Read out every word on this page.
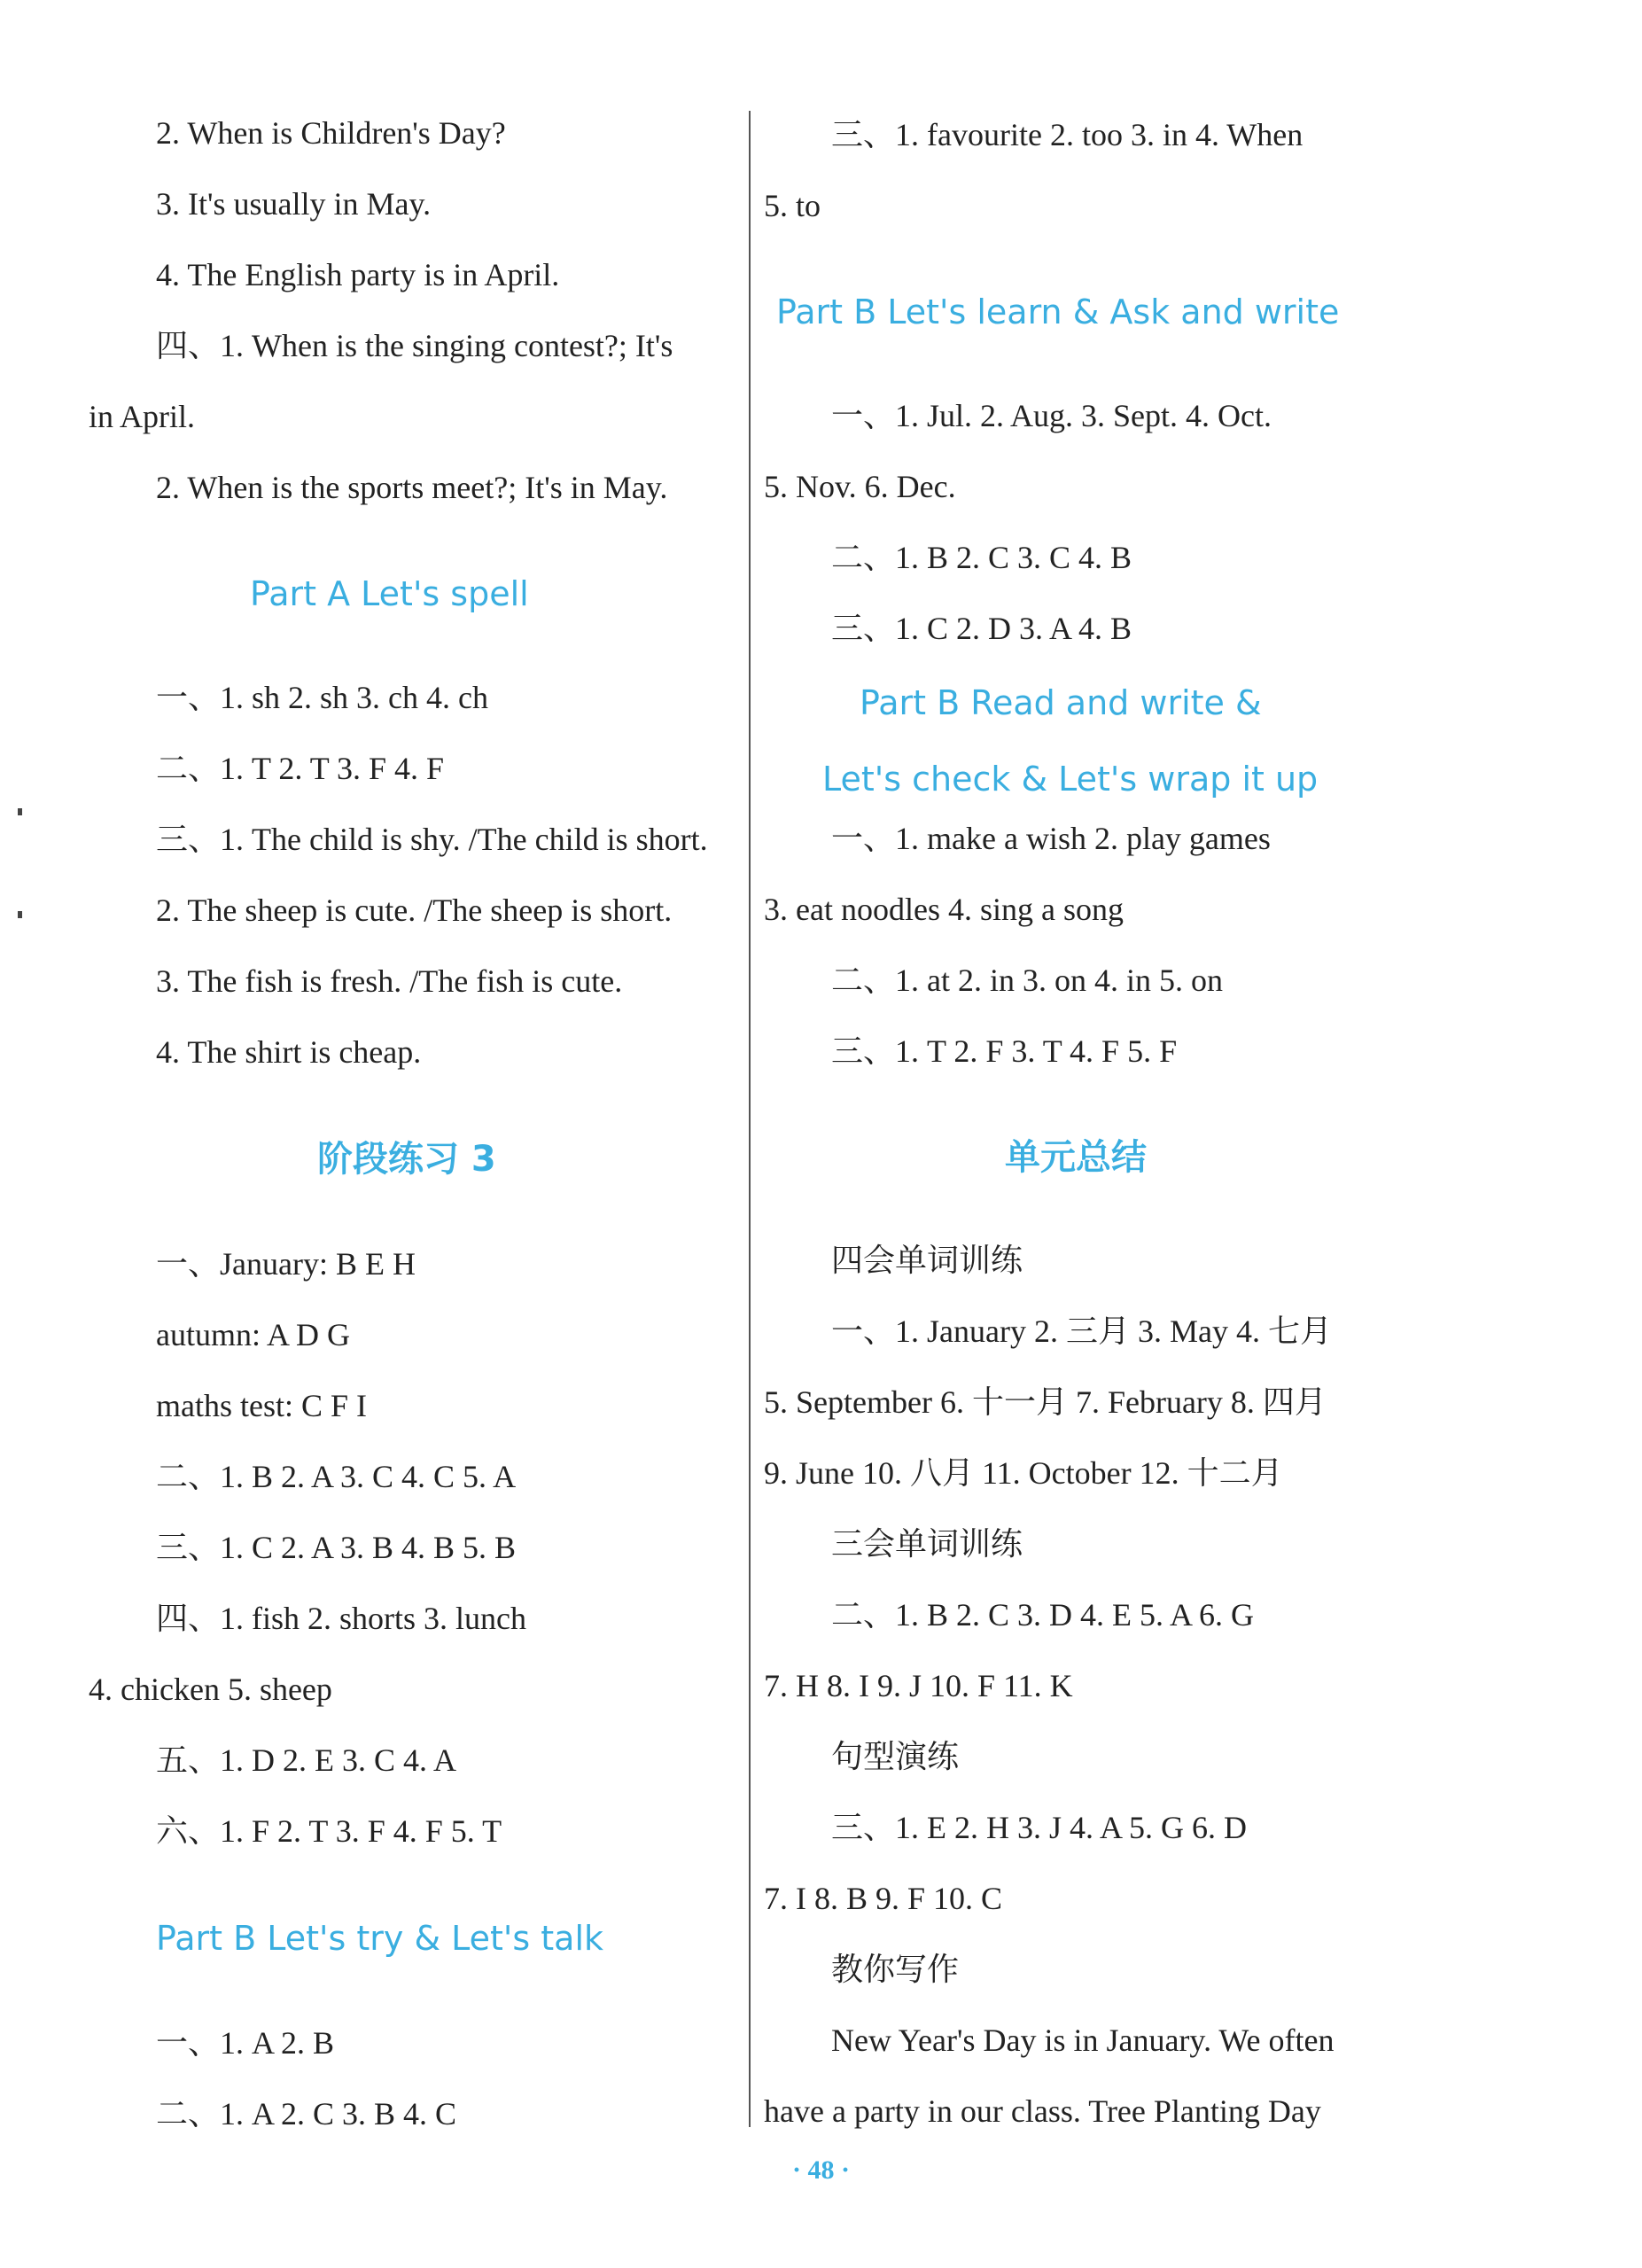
2. When is Children's Day?
3. It's usually in May.
4. The English party is in April.
四、1. When is the singing contest?; It's
in April.
2. When is the sports meet?; It's in May.
Part A Let's spell
一、1. sh 2. sh 3. ch 4. ch
二、1. T 2. T 3. F 4. F
三、1. The child is shy. /The child is short.
2. The sheep is cute. /The sheep is short.
3. The fish is fresh. /The fish is cute.
4. The shirt is cheap.
阶段练习 3
一、January: B E H
autumn: A D G
maths test: C F I
二、1. B 2. A 3. C 4. C 5. A
三、1. C 2. A 3. B 4. B 5. B
四、1. fish 2. shorts 3. lunch
4. chicken 5. sheep
五、1. D 2. E 3. C 4. A
六、1. F 2. T 3. F 4. F 5. T
Part B Let's try & Let's talk
一、1. A 2. B
二、1. A 2. C 3. B 4. C
三、1. favourite 2. too 3. in 4. When
5. to
Part B Let's learn & Ask and write
一、1. Jul. 2. Aug. 3. Sept. 4. Oct.
5. Nov. 6. Dec.
二、1. B 2. C 3. C 4. B
三、1. C 2. D 3. A 4. B
Part B Read and write &
Let's check & Let's wrap it up
一、1. make a wish 2. play games
3. eat noodles 4. sing a song
二、1. at 2. in 3. on 4. in 5. on
三、1. T 2. F 3. T 4. F 5. F
单元总结
四会单词训练
一、1. January 2. 三月 3. May 4. 七月
5. September 6. 十一月 7. February 8. 四月
9. June 10. 八月 11. October 12. 十二月
三会单词训练
二、1. B 2. C 3. D 4. E 5. A 6. G
7. H 8. I 9. J 10. F 11. K
句型演练
三、1. E 2. H 3. J 4. A 5. G 6. D
7. I 8. B 9. F 10. C
教你写作
New Year's Day is in January. We often
have a party in our class. Tree Planting Day
· 48 ·
